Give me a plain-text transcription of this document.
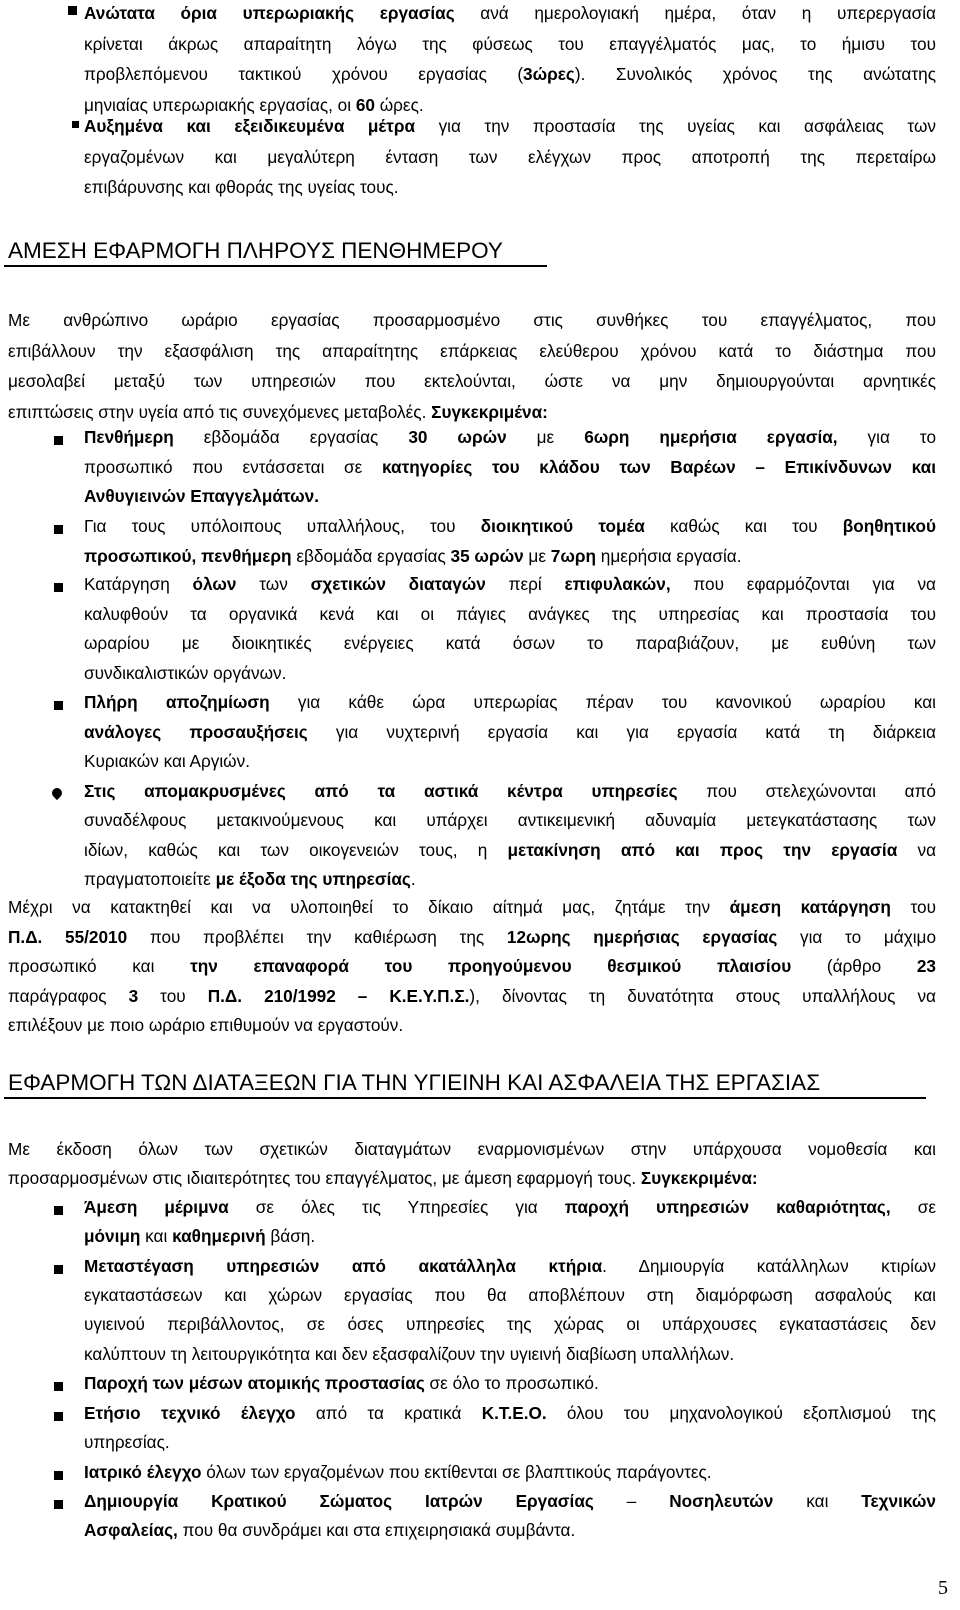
Ανώτατα όρια υπερωριακής εργασίας ανά ημερολογιακή ημέρα, όταν η υπερεργασία
κρίνεται άκρως απαραίτητη λόγω της φύσεως του επαγγέλματός μας, το ήμισυ του
προβλεπόμενου τακτικού χρόνου εργασίας (3ώρες). Συνολικός χρόνος της ανώτατης
μηνιαίας υπερωριακής εργασίας, οι 60 ώρες.
Αυξημένα και εξειδικευμένα μέτρα για την προστασία της υγείας και ασφάλειας των
εργαζομένων και μεγαλύτερη ένταση των ελέγχων προς αποτροπή της περεταίρω
επιβάρυνσης και φθοράς της υγείας τους.
ΑΜΕΣΗ ΕΦΑΡΜΟΓΗ ΠΛΗΡΟΥΣ ΠΕΝΘΗΜΕΡΟΥ
Με ανθρώπινο ωράριο εργασίας προσαρμοσμένο στις συνθήκες του επαγγέλματος, που
επιβάλλουν την εξασφάλιση της απαραίτητης επάρκειας ελεύθερου χρόνου κατά το διάστημα που
μεσολαβεί μεταξύ των υπηρεσιών που εκτελούνται, ώστε να μην δημιουργούνται αρνητικές
επιπτώσεις στην υγεία από τις συνεχόμενες μεταβολές. Συγκεκριμένα:
Πενθήμερη εβδομάδα εργασίας 30 ωρών με 6ωρη ημερήσια εργασία, για το
προσωπικό που εντάσσεται σε κατηγορίες του κλάδου των Βαρέων – Επικίνδυνων και
Ανθυγιεινών Επαγγελμάτων.
Για τους υπόλοιπους υπαλλήλους, του διοικητικού τομέα καθώς και του βοηθητικού
προσωπικού, πενθήμερη εβδομάδα εργασίας 35 ωρών με 7ωρη ημερήσια εργασία.
Κατάργηση όλων των σχετικών διαταγών περί επιφυλακών, που εφαρμόζονται για να
καλυφθούν τα οργανικά κενά και οι πάγιες ανάγκες της υπηρεσίας και προστασία του
ωραρίου με διοικητικές ενέργειες κατά όσων το παραβιάζουν, με ευθύνη των
συνδικαλιστικών οργάνων.
Πλήρη αποζημίωση για κάθε ώρα υπερωρίας πέραν του κανονικού ωραρίου και
ανάλογες προσαυξήσεις για νυχτερινή εργασία και για εργασία κατά τη διάρκεια
Κυριακών και Αργιών.
Στις απομακρυσμένες από τα αστικά κέντρα υπηρεσίες που στελεχώνονται από
συναδέλφους μετακινούμενους και υπάρχει αντικειμενική αδυναμία μετεγκατάστασης των
ιδίων, καθώς και των οικογενειών τους, η μετακίνηση από και προς την εργασία να
πραγματοποιείτε με έξοδα της υπηρεσίας.
Μέχρι να κατακτηθεί και να υλοποιηθεί το δίκαιο αίτημά μας, ζητάμε την άμεση κατάργηση του
Π.Δ. 55/2010 που προβλέπει την καθιέρωση της 12ωρης ημερήσιας εργασίας για το μάχιμο
προσωπικό και την επαναφορά του προηγούμενου θεσμικού πλαισίου (άρθρο 23
παράγραφος 3 του Π.Δ. 210/1992 – Κ.Ε.Υ.Π.Σ.), δίνοντας τη δυνατότητα στους υπαλλήλους να
επιλέξουν με ποιο ωράριο επιθυμούν να εργαστούν.
ΕΦΑΡΜΟΓΗ ΤΩΝ ΔΙΑΤΑΞΕΩΝ ΓΙΑ ΤΗΝ ΥΓΙΕΙΝΗ ΚΑΙ ΑΣΦΑΛΕΙΑ ΤΗΣ ΕΡΓΑΣΙΑΣ
Με έκδοση όλων των σχετικών διαταγμάτων εναρμονισμένων στην υπάρχουσα νομοθεσία και
προσαρμοσμένων στις ιδιαιτερότητες του επαγγέλματος, με άμεση εφαρμογή τους. Συγκεκριμένα:
Άμεση μέριμνα σε όλες τις Υπηρεσίες για παροχή υπηρεσιών καθαριότητας, σε
μόνιμη και καθημερινή βάση.
Μεταστέγαση υπηρεσιών από ακατάλληλα κτήρια. Δημιουργία κατάλληλων κτιρίων
εγκαταστάσεων και χώρων εργασίας που θα αποβλέπουν στη διαμόρφωση ασφαλούς και
υγιεινού περιβάλλοντος, σε όσες υπηρεσίες της χώρας οι υπάρχουσες εγκαταστάσεις δεν
καλύπτουν τη λειτουργικότητα και δεν εξασφαλίζουν την υγιεινή διαβίωση υπαλλήλων.
Παροχή των μέσων ατομικής προστασίας σε όλο το προσωπικό.
Ετήσιο τεχνικό έλεγχο από τα κρατικά Κ.Τ.Ε.Ο. όλου του μηχανολογικού εξοπλισμού της
υπηρεσίας.
Ιατρικό έλεγχο όλων των εργαζομένων που εκτίθενται σε βλαπτικούς παράγοντες.
Δημιουργία Κρατικού Σώματος Ιατρών Εργασίας – Νοσηλευτών και Τεχνικών
Ασφαλείας, που θα συνδράμει και στα επιχειρησιακά συμβάντα.
5
